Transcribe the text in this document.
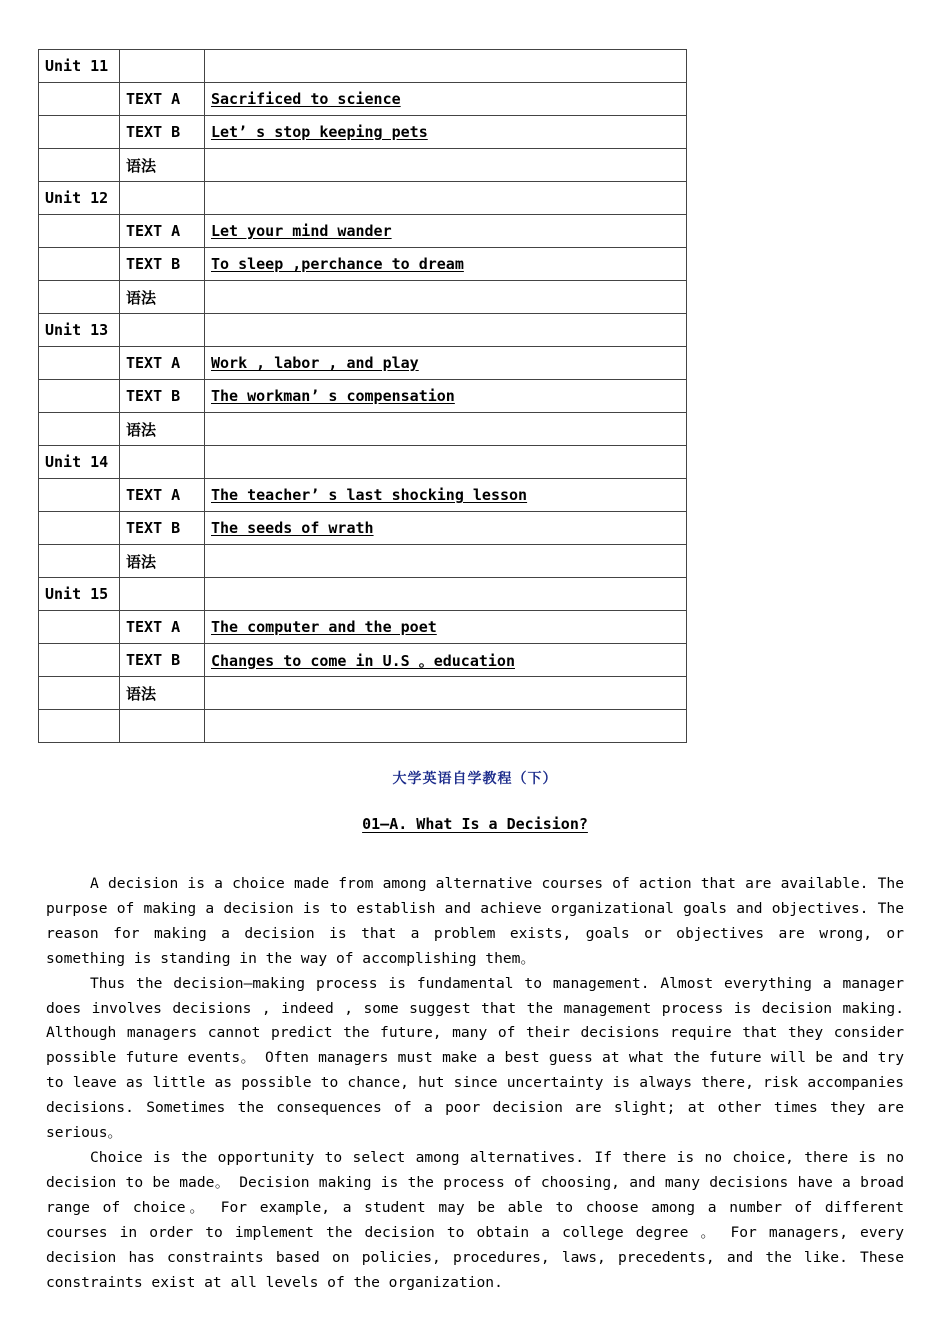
Unit 11		
	TEXT A	Sacrificed to science
	TEXT B	Let’ s stop keeping pets
	语法	
Unit 12		
	TEXT A	Let your mind wander
	TEXT B	To sleep ,perchance to dream
	语法	
Unit 13		
	TEXT A	Work , labor , and play
	TEXT B	The workman’ s compensation
	语法	
Unit 14		
	TEXT A	The teacher’ s last shocking lesson
	TEXT B	The seeds of wrath
	语法	
Unit 15		
	TEXT A	The computer and the poet
	TEXT B	Changes to come in U.S 。education
	语法	

大学英语自学教程（下）
01—A. What Is a Decision?

A decision is a choice made from among alternative courses of action that are available. The purpose of making a decision is to establish and achieve organizational goals and objectives. The reason for making a decision is that a problem exists, goals or objectives are wrong, or something is standing in the way of accomplishing them。

Thus the decision—making process is fundamental to management. Almost everything a manager does involves decisions , indeed , some suggest that the management process is decision making. Although managers cannot predict the future, many of their decisions require that they consider possible future events。 Often managers must make a best guess at what the future will be and try to leave as little as possible to chance, hut since uncertainty is always there, risk accompanies decisions. Sometimes the consequences of a poor decision are slight; at other times they are serious。

Choice is the opportunity to select among alternatives. If there is no choice, there is no decision to be made。 Decision making is the process of choosing, and many decisions have a broad range of choice。 For example, a student may be able to choose among a number of different courses in order to implement the decision to obtain a college degree 。 For managers, every decision has constraints based on policies, procedures, laws, precedents, and the like. These constraints exist at all levels of the organization.
